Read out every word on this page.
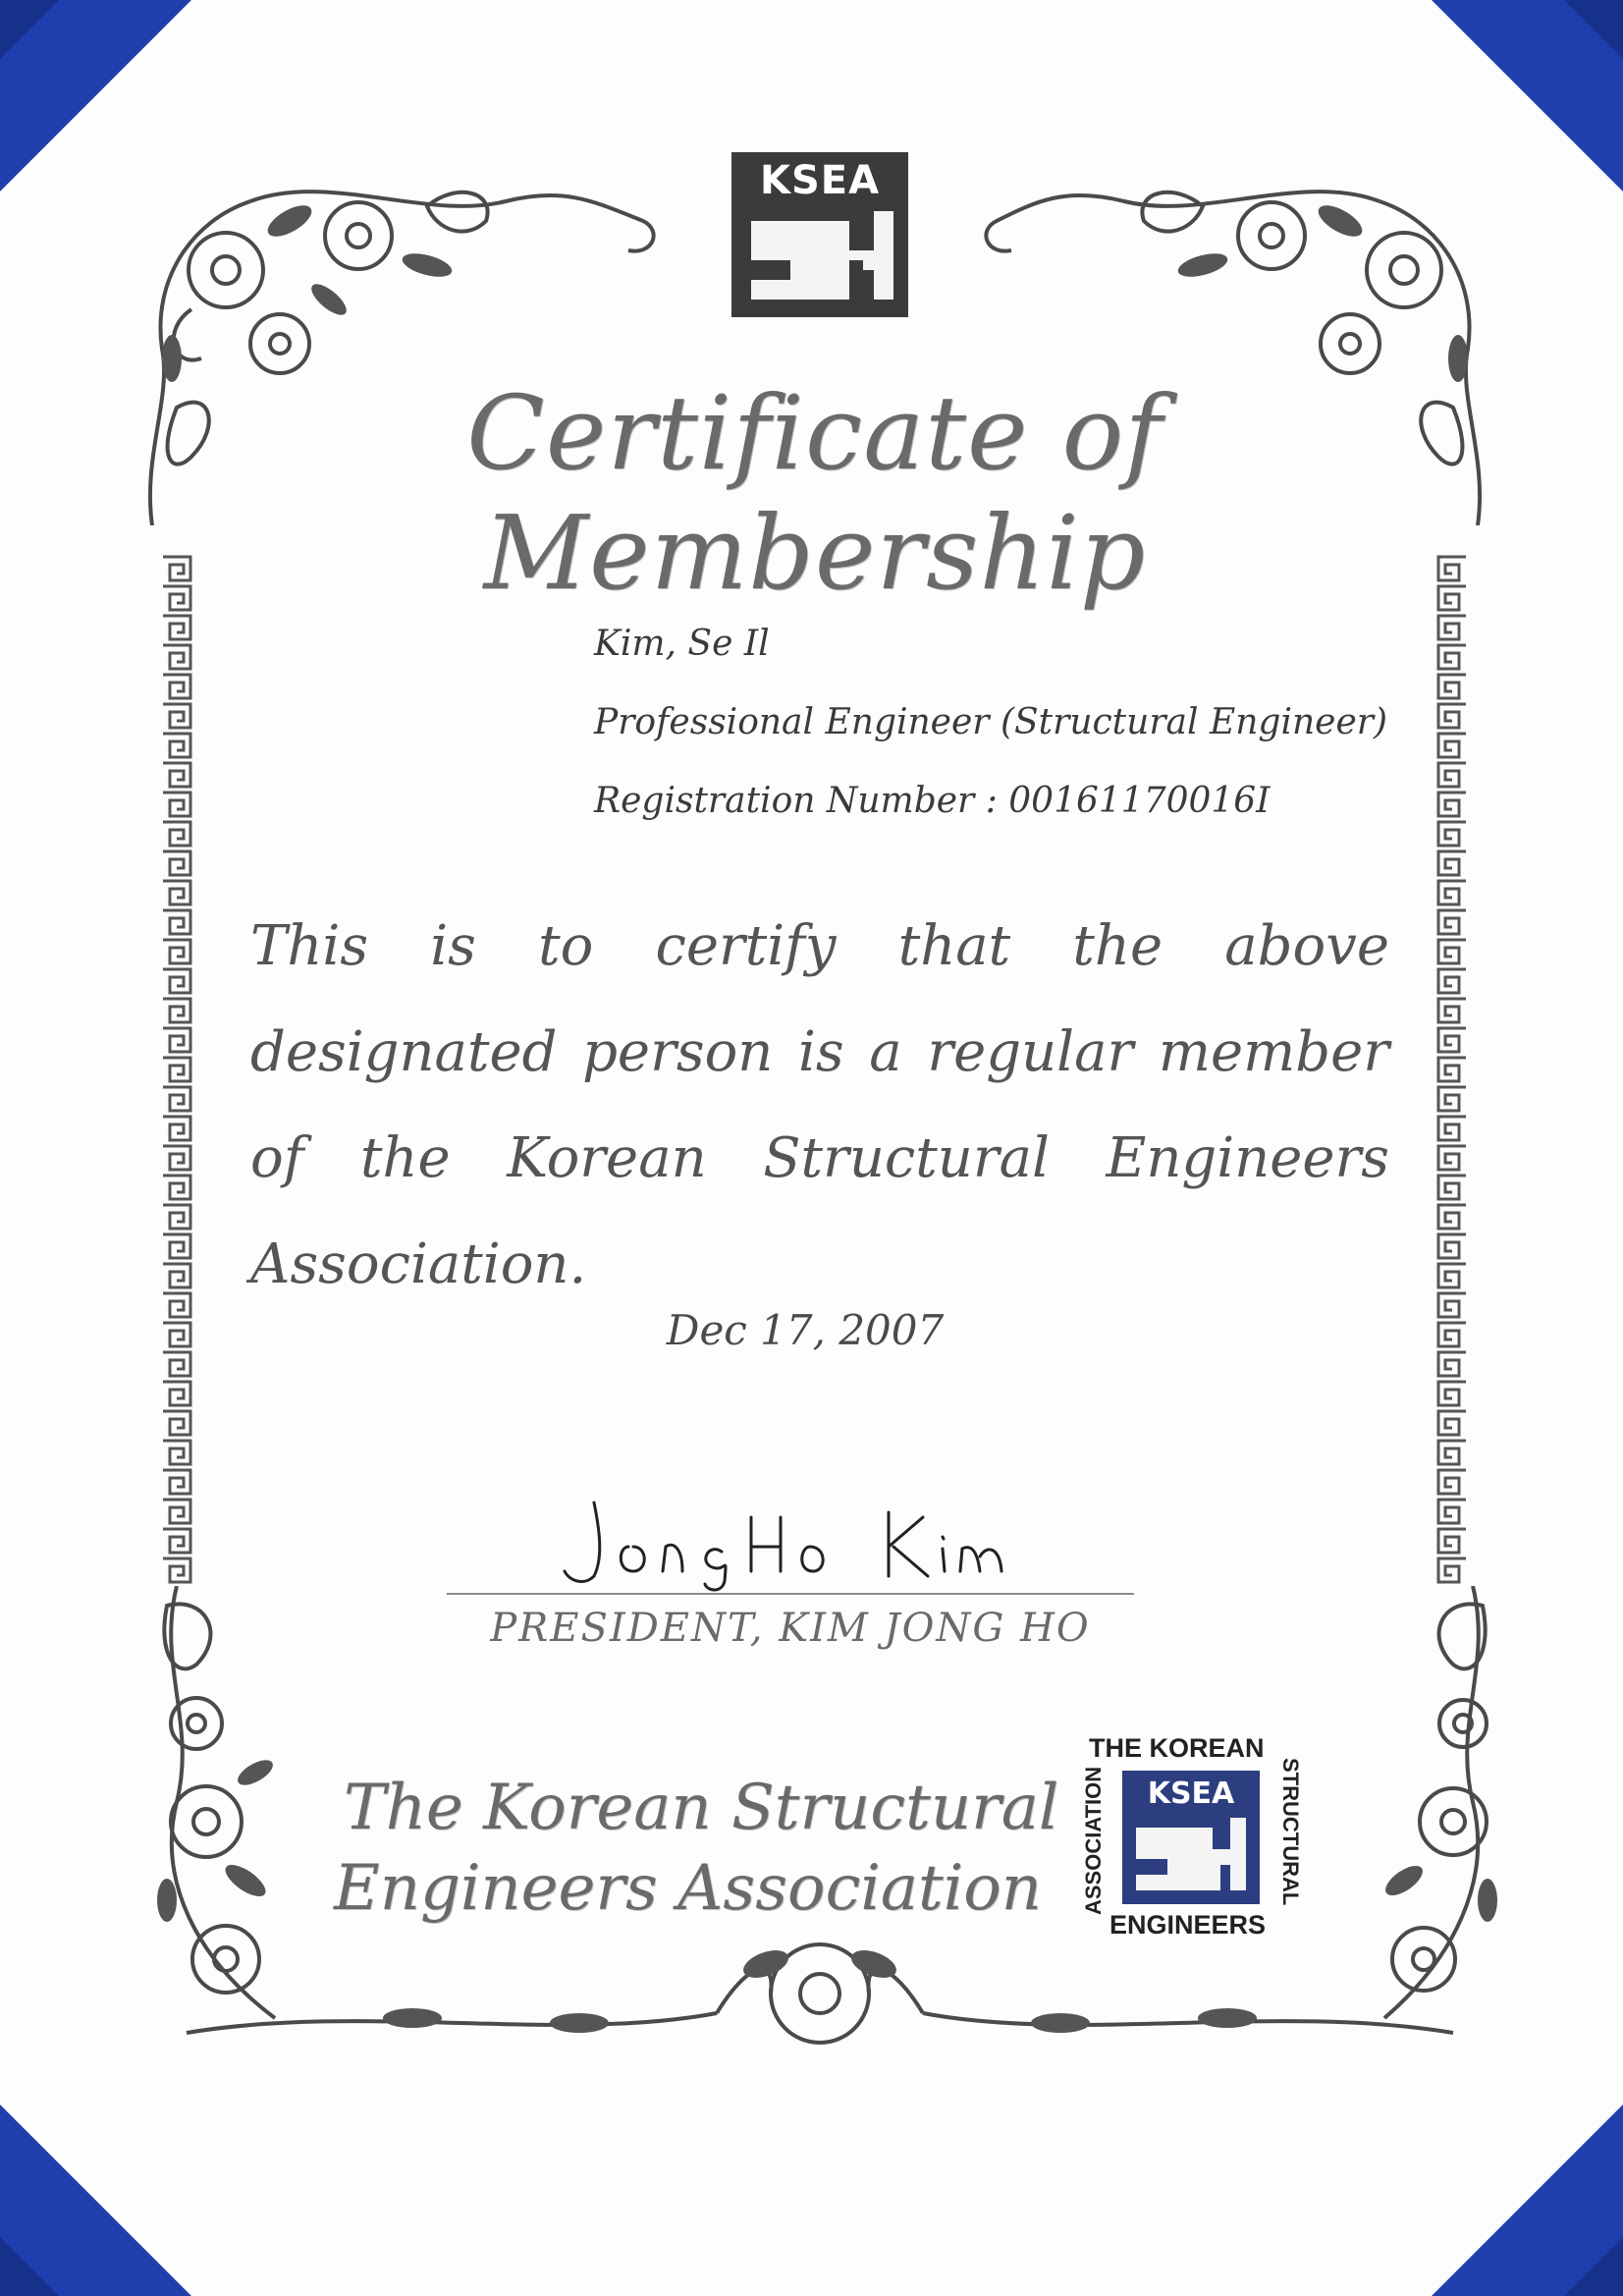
KSEA
Certificate of Membership
Kim, Se Il
Professional Engineer (Structural Engineer)
Registration Number : 00161170016I
This is to certify that the above designated person is a regular member of the Korean Structural Engineers Association.
Dec 17, 2007
PRESIDENT, KIM JONG HO
The Korean Structural
Engineers Association
THE KOREAN
STRUCTURAL
ASSOCIATION
ENGINEERS
KSEA
